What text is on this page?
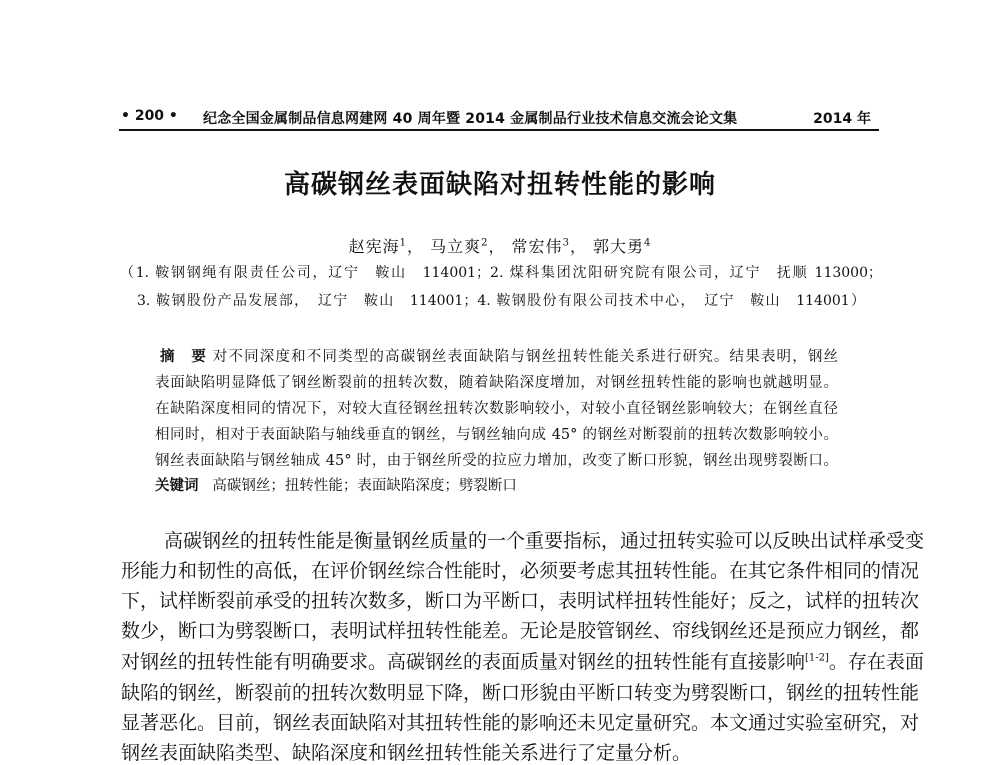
• 200 • 纪念全国金属制品信息网建网 40 周年暨 2014 金属制品行业技术信息交流会论文集	2014 年
高碳钢丝表面缺陷对扭转性能的影响
赵宪海$^1$， 马立爽$^2$， 常宏伟$^3$， 郭大勇$^4$
（1. 鞍钢钢绳有限责任公司，辽宁　鞍山　114001；2. 煤科集团沈阳研究院有限公司，辽宁　抚顺 113000；
3. 鞍钢股份产品发展部，　辽宁　鞍山　114001；4. 鞍钢股份有限公司技术中心，　辽宁　鞍山　114001）
摘　要 对不同深度和不同类型的高碳钢丝表面缺陷与钢丝扭转性能关系进行研究。结果表明，钢丝
表面缺陷明显降低了钢丝断裂前的扭转次数，随着缺陷深度增加，对钢丝扭转性能的影响也就越明显。
在缺陷深度相同的情况下，对较大直径钢丝扭转次数影响较小，对较小直径钢丝影响较大；在钢丝直径
相同时，相对于表面缺陷与轴线垂直的钢丝，与钢丝轴向成 45° 的钢丝对断裂前的扭转次数影响较小。
钢丝表面缺陷与钢丝轴成 45° 时，由于钢丝所受的拉应力增加，改变了断口形貌，钢丝出现劈裂断口。
关键词 高碳钢丝；扭转性能；表面缺陷深度；劈裂断口
高碳钢丝的扭转性能是衡量钢丝质量的一个重要指标，通过扭转实验可以反映出试样承受变
形能力和韧性的高低，在评价钢丝综合性能时，必须要考虑其扭转性能。在其它条件相同的情况
下，试样断裂前承受的扭转次数多，断口为平断口，表明试样扭转性能好；反之，试样的扭转次
数少，断口为劈裂断口，表明试样扭转性能差。无论是胶管钢丝、帘线钢丝还是预应力钢丝，都
对钢丝的扭转性能有明确要求。高碳钢丝的表面质量对钢丝的扭转性能有直接影响[1-2]。存在表面
缺陷的钢丝，断裂前的扭转次数明显下降，断口形貌由平断口转变为劈裂断口，钢丝的扭转性能
显著恶化。目前，钢丝表面缺陷对其扭转性能的影响还未见定量研究。本文通过实验室研究，对
钢丝表面缺陷类型、缺陷深度和钢丝扭转性能关系进行了定量分析。
